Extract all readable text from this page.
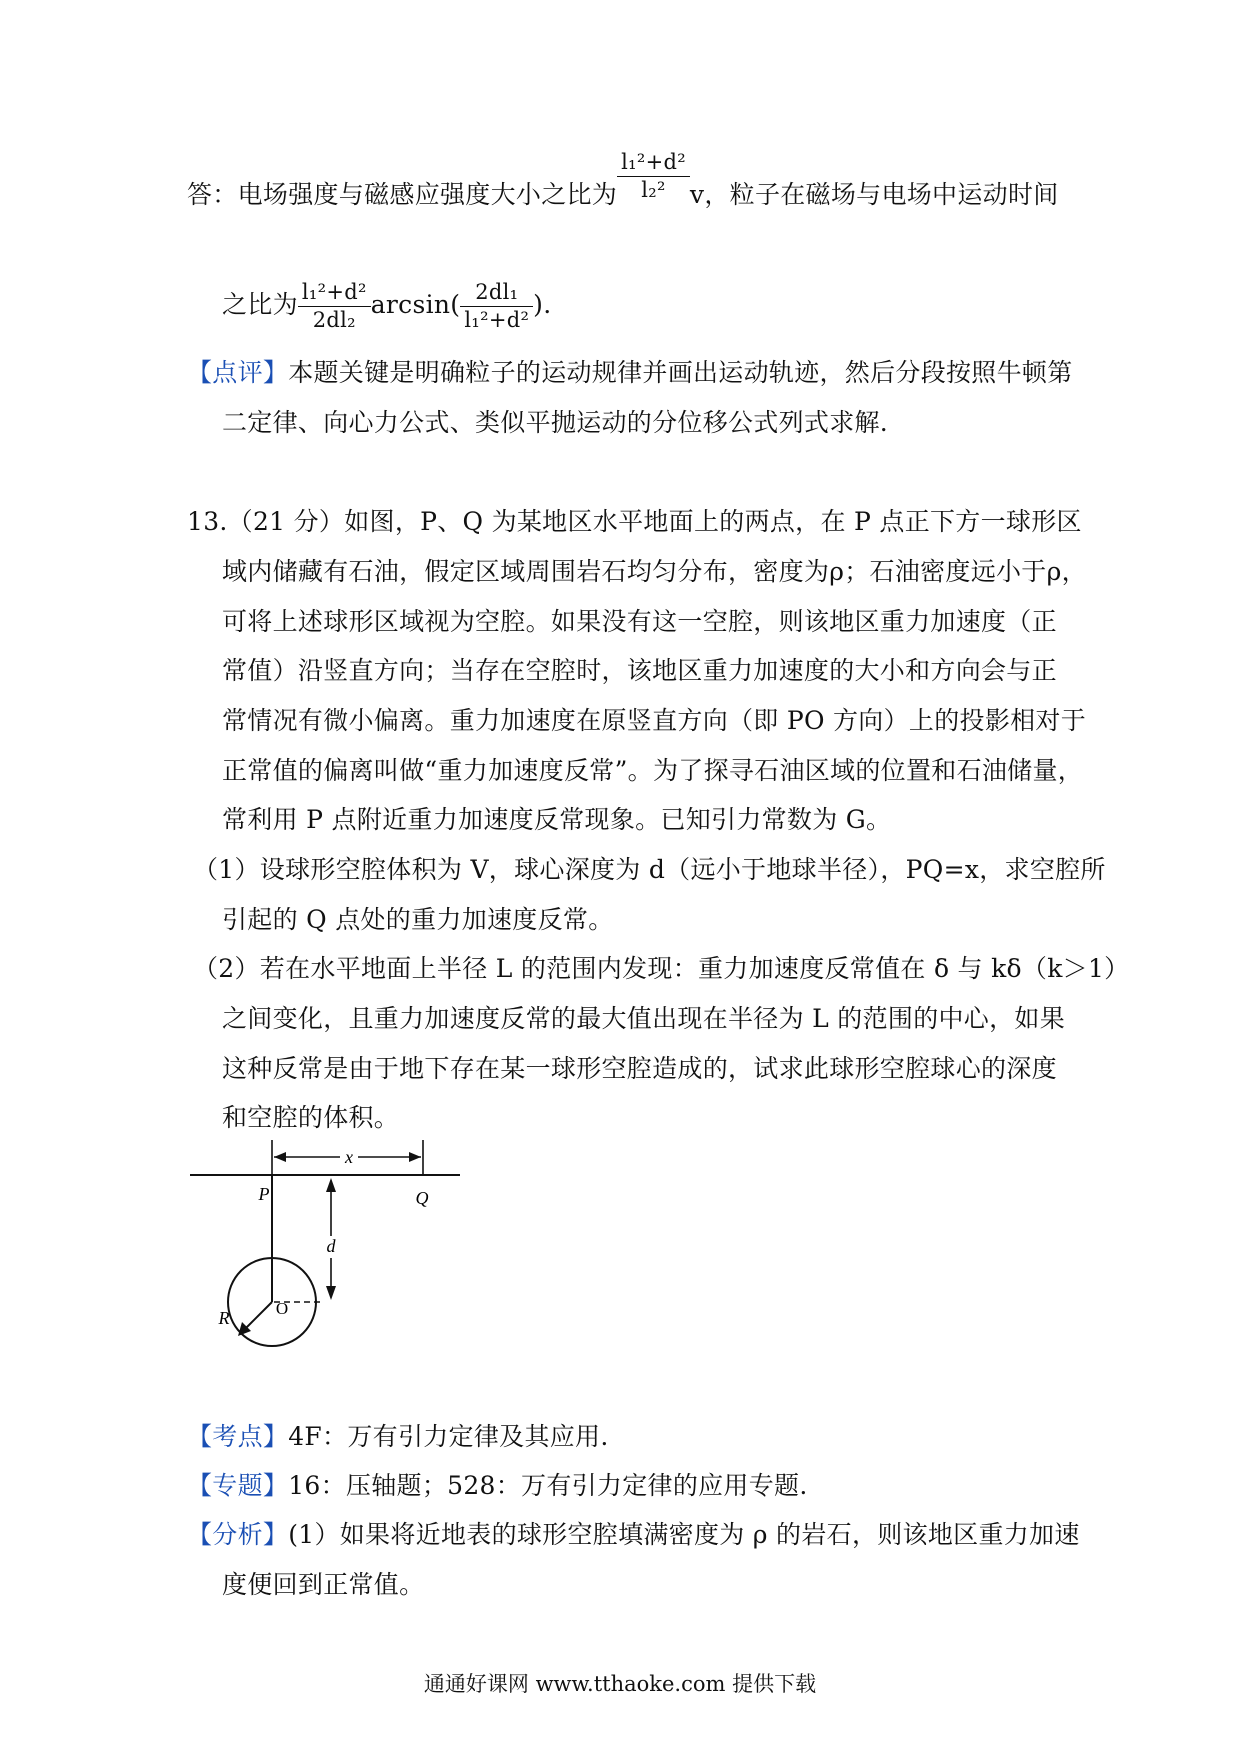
答：电场强度与磁感应强度大小之比为 $\frac{\text{l₁²+d²}}{\text{l₂²}}$ v，粒子在磁场与电场中运动时间
之比为 $\frac{\text{l₁²+d²}}{\text{2dl₂}} \arcsin( \frac{\text{2dl₁}}{\text{l₁²+d²}}$ ).
【点评】本题关键是明确粒子的运动规律并画出运动轨迹，然后分段按照牛顿第
二定律、向心力公式、类似平抛运动的分位移公式列式求解.
13.（21 分）如图，P、Q 为某地区水平地面上的两点，在 P 点正下方一球形区
域内储藏有石油，假定区域周围岩石均匀分布，密度为ρ；石油密度远小于ρ，
可将上述球形区域视为空腔。如果没有这一空腔，则该地区重力加速度（正
常值）沿竖直方向；当存在空腔时，该地区重力加速度的大小和方向会与正
常情况有微小偏离。重力加速度在原竖直方向（即 PO 方向）上的投影相对于
正常值的偏离叫做“重力加速度反常”。为了探寻石油区域的位置和石油储量，
常利用 P 点附近重力加速度反常现象。已知引力常数为 G。
（1）设球形空腔体积为 V，球心深度为 d（远小于地球半径），PQ=x，求空腔所
引起的 Q 点处的重力加速度反常。
（2）若在水平地面上半径 L 的范围内发现：重力加速度反常值在 δ 与 kδ（k＞1）
之间变化，且重力加速度反常的最大值出现在半径为 L 的范围的中心，如果
这种反常是由于地下存在某一球形空腔造成的，试求此球形空腔球心的深度
和空腔的体积。
x
P	Q
d
R	O
【考点】4F：万有引力定律及其应用.
【专题】16：压轴题；528：万有引力定律的应用专题.
【分析】(1）如果将近地表的球形空腔填满密度为 ρ 的岩石，则该地区重力加速
度便回到正常值。
通通好课网 www.tthaoke.com 提供下载
